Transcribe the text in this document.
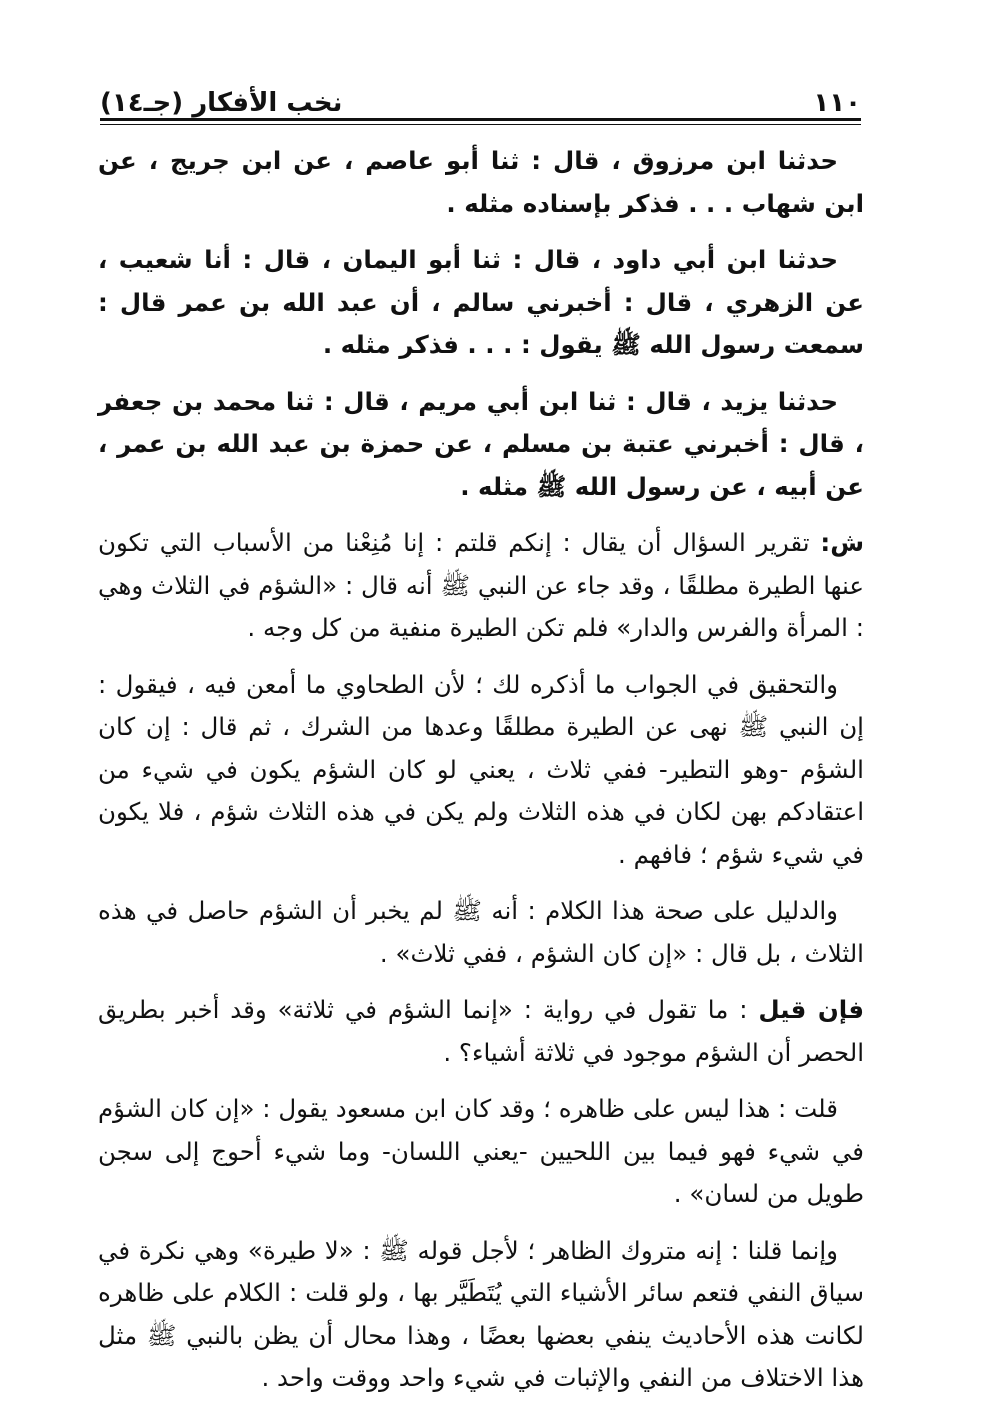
١١٠
نخب الأفكار (جـ١٤)

حدثنا ابن مرزوق ، قال : ثنا أبو عاصم ، عن ابن جريج ، عن ابن شهاب . . . فذكر بإسناده مثله .

حدثنا ابن أبي داود ، قال : ثنا أبو اليمان ، قال : أنا شعيب ، عن الزهري ، قال : أخبرني سالم ، أن عبد الله بن عمر قال : سمعت رسول الله ﷺ يقول : . . . فذكر مثله .

حدثنا يزيد ، قال : ثنا ابن أبي مريم ، قال : ثنا محمد بن جعفر ، قال : أخبرني عتبة بن مسلم ، عن حمزة بن عبد الله بن عمر ، عن أبيه ، عن رسول الله ﷺ مثله .

ش: تقرير السؤال أن يقال : إنكم قلتم : إنا مُنِعْنا من الأسباب التي تكون عنها الطيرة مطلقًا ، وقد جاء عن النبي ﷺ أنه قال : «الشؤم في الثلاث وهي : المرأة والفرس والدار» فلم تكن الطيرة منفية من كل وجه .

والتحقيق في الجواب ما أذكره لك ؛ لأن الطحاوي ما أمعن فيه ، فيقول : إن النبي ﷺ نهى عن الطيرة مطلقًا وعدها من الشرك ، ثم قال : إن كان الشؤم -وهو التطير- ففي ثلاث ، يعني لو كان الشؤم يكون في شيء من اعتقادكم بهن لكان في هذه الثلاث ولم يكن في هذه الثلاث شؤم ، فلا يكون في شيء شؤم ؛ فافهم .

والدليل على صحة هذا الكلام : أنه ﷺ لم يخبر أن الشؤم حاصل في هذه الثلاث ، بل قال : «إن كان الشؤم ، ففي ثلاث» .

فإن قيل : ما تقول في رواية : «إنما الشؤم في ثلاثة» وقد أخبر بطريق الحصر أن الشؤم موجود في ثلاثة أشياء؟ .

قلت : هذا ليس على ظاهره ؛ وقد كان ابن مسعود يقول : «إن كان الشؤم في شيء فهو فيما بين اللحيين -يعني اللسان- وما شيء أحوج إلى سجن طويل من لسان» .

وإنما قلنا : إنه متروك الظاهر ؛ لأجل قوله ﷺ : «لا طيرة» وهي نكرة في سياق النفي فتعم سائر الأشياء التي يُتَطَيَّر بها ، ولو قلت : الكلام على ظاهره لكانت هذه الأحاديث ينفي بعضها بعضًا ، وهذا محال أن يظن بالنبي ﷺ مثل هذا الاختلاف من النفي والإثبات في شيء واحد ووقت واحد .
